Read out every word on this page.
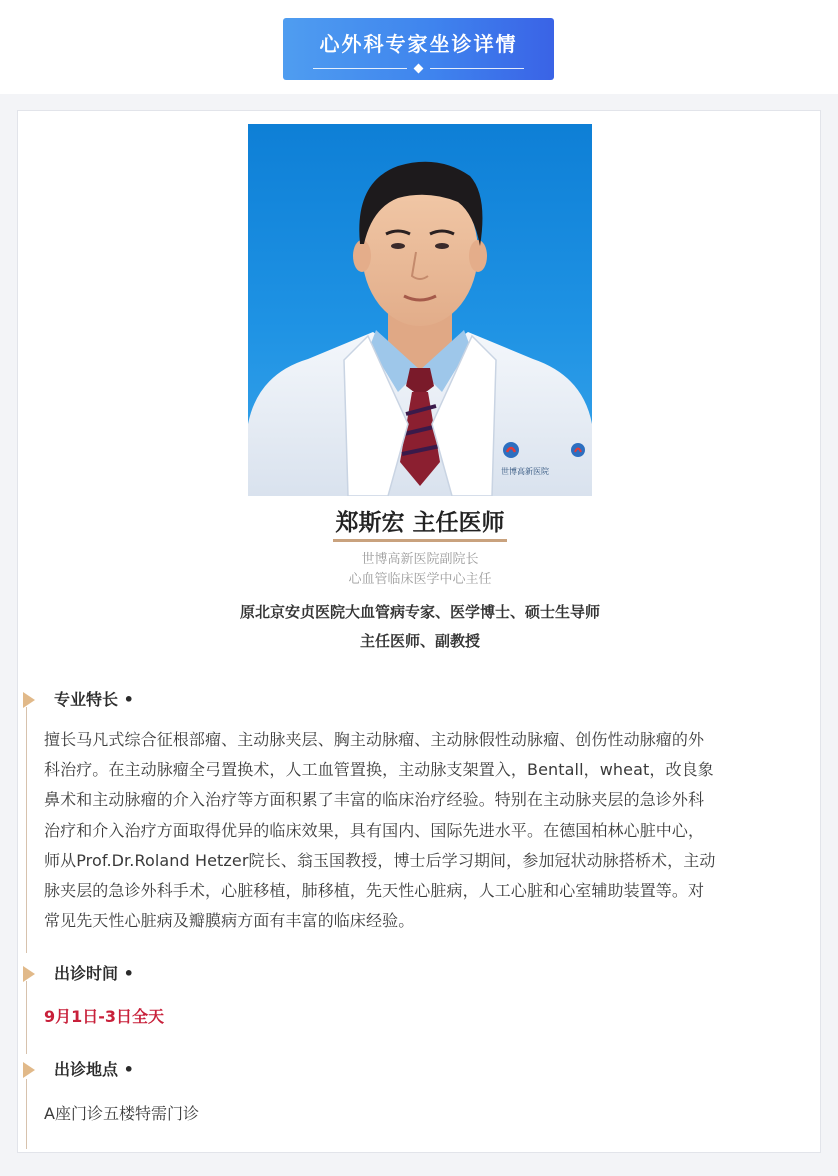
心外科专家坐诊详情
世博高新医院
郑斯宏 主任医师
世博高新医院副院长
心血管临床医学中心主任
原北京安贞医院大血管病专家、医学博士、硕士生导师
主任医师、副教授
专业特长 •

擅长马凡式综合征根部瘤、主动脉夹层、胸主动脉瘤、主动脉假性动脉瘤、创伤性动脉瘤的外

科治疗。在主动脉瘤全弓置换术，人工血管置换，主动脉支架置入，Bentall，wheat，改良象

鼻术和主动脉瘤的介入治疗等方面积累了丰富的临床治疗经验。特别在主动脉夹层的急诊外科

治疗和介入治疗方面取得优异的临床效果，具有国内、国际先进水平。在德国柏林心脏中心，

师从Prof.Dr.Roland Hetzer院长、翁玉国教授，博士后学习期间，参加冠状动脉搭桥术，主动

脉夹层的急诊外科手术，心脏移植，肺移植，先天性心脏病，人工心脏和心室辅助装置等。对

常见先天性心脏病及瓣膜病方面有丰富的临床经验。

出诊时间 •
9月1日-3日全天
出诊地点 •
A座门诊五楼特需门诊
